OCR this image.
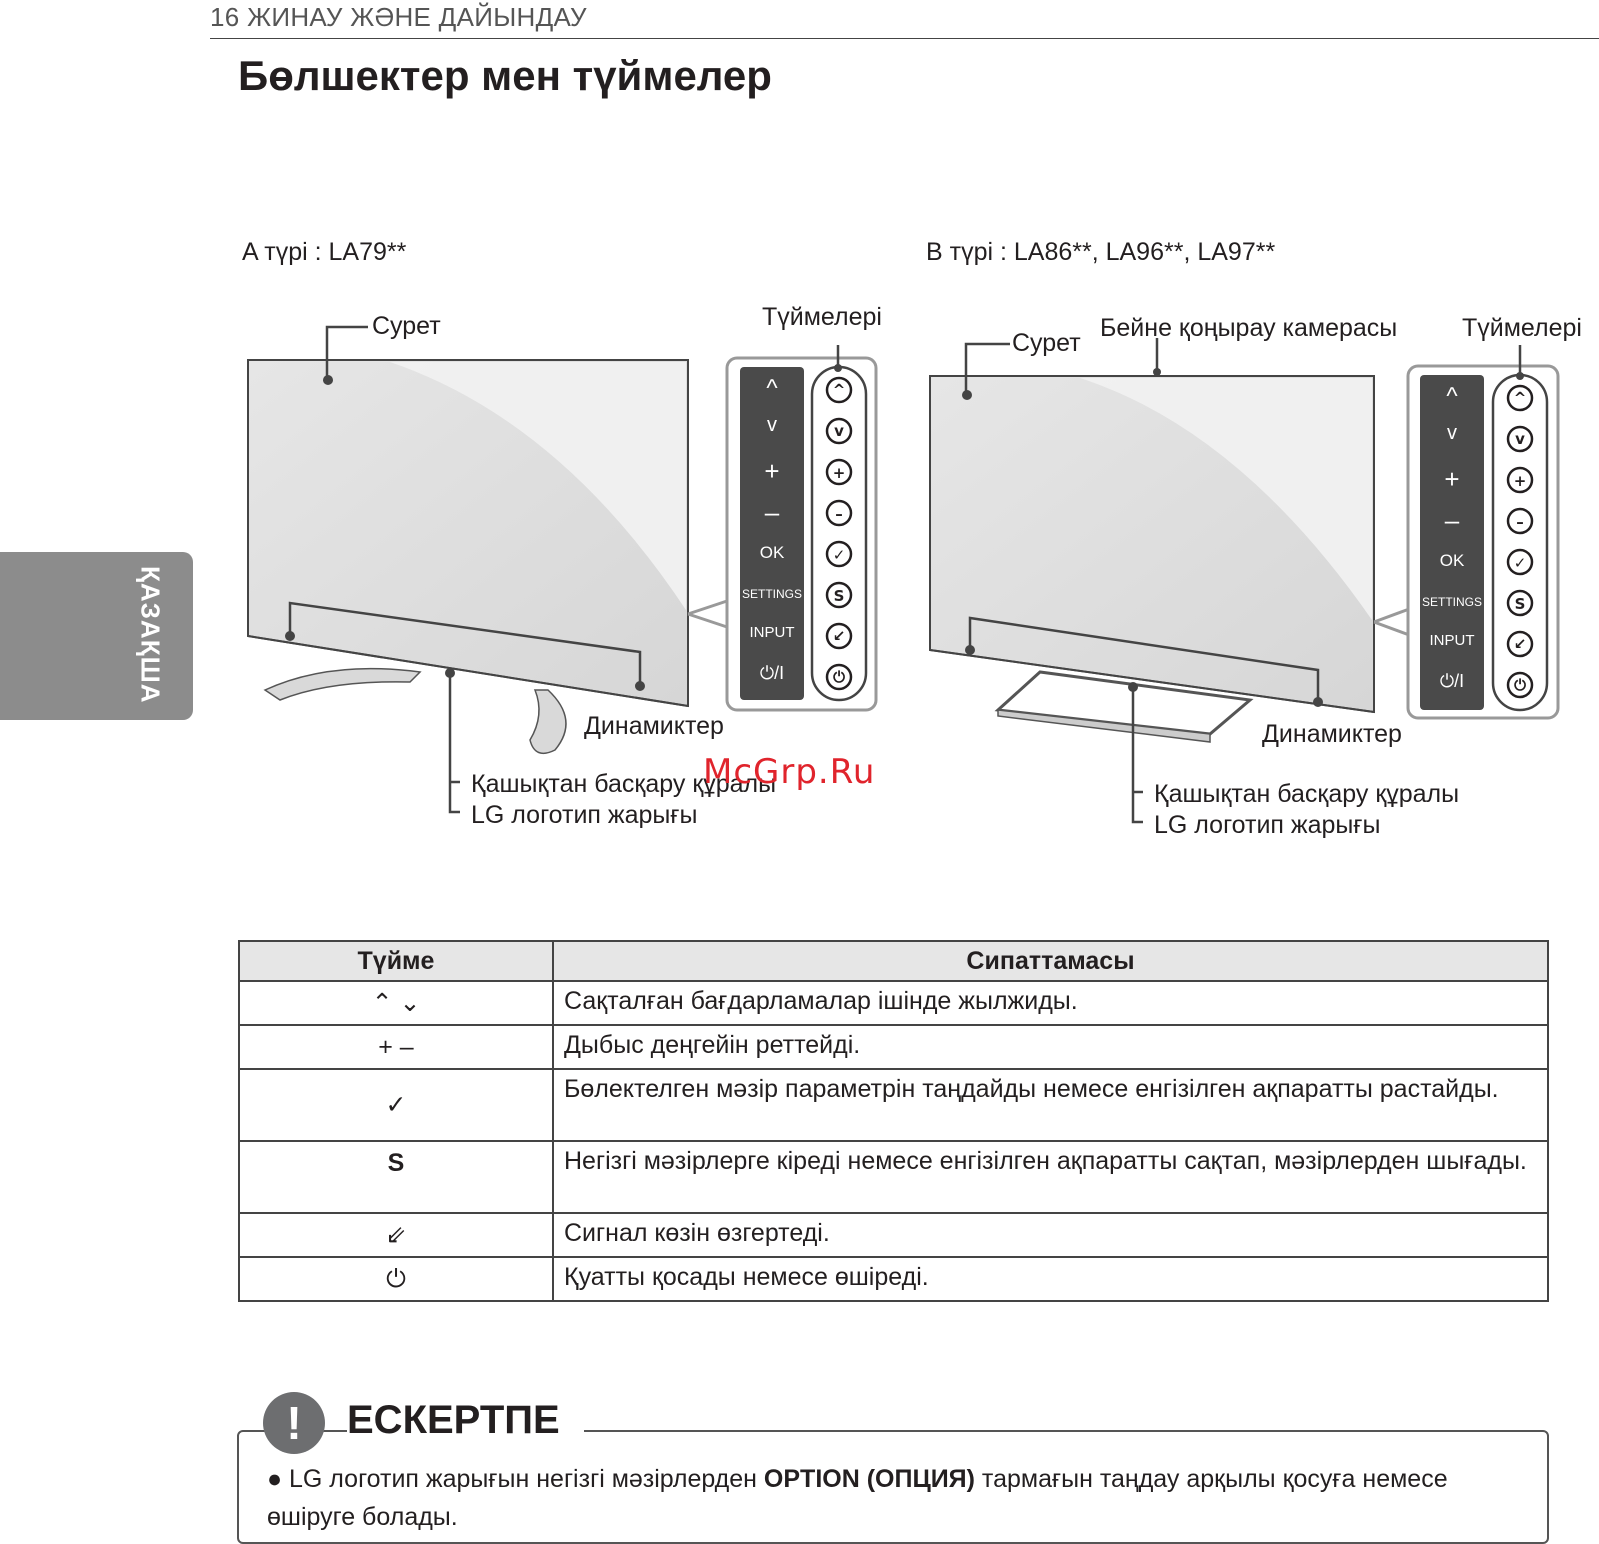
16 ЖИНАУ ЖӘНЕ ДАЙЫНДАУ
Бөлшектер мен түймелер
ҚАЗАҚША
A түрі : LA79**	B түрі : LA86**, LA96**, LA97**
^
v
+
–
✓
S
↙
⏻
^
v
+
–
✓
S
↙
⏻
^
v
+
–
OK
SETTINGS
INPUT
⏻/I
^
v
+
–
OK
SETTINGS
INPUT
⏻/I
Сурет	Түймелері
Динамиктер
Қашықтан басқару құралы
LG логотип жарығы
Сурет
Бейне қоңырау камерасы	Түймелері
Динамиктер
Қашықтан басқару құралы
LG логотип жарығы
McGrp.Ru
Түйме	Сипаттамасы
⌃ ⌄	Сақталған бағдарламалар ішінде жылжиды.
+ –	Дыбыс деңгейін реттейді.
✓	Бөлектелген мәзір параметрін таңдайды немесе енгізілген ақпаратты растайды.
S	Негізгі мәзірлерге кіреді немесе енгізілген ақпаратты сақтап, мәзірлерден шығады.
⇙	Сигнал көзін өзгертеді.
⏻	Қуатты қосады немесе өшіреді.
!	ЕСКЕРТПЕ
● LG логотип жарығын негізгі мәзірлерден OPTION (ОПЦИЯ) тармағын таңдау арқылы қосуға немесе өшіруге болады.
